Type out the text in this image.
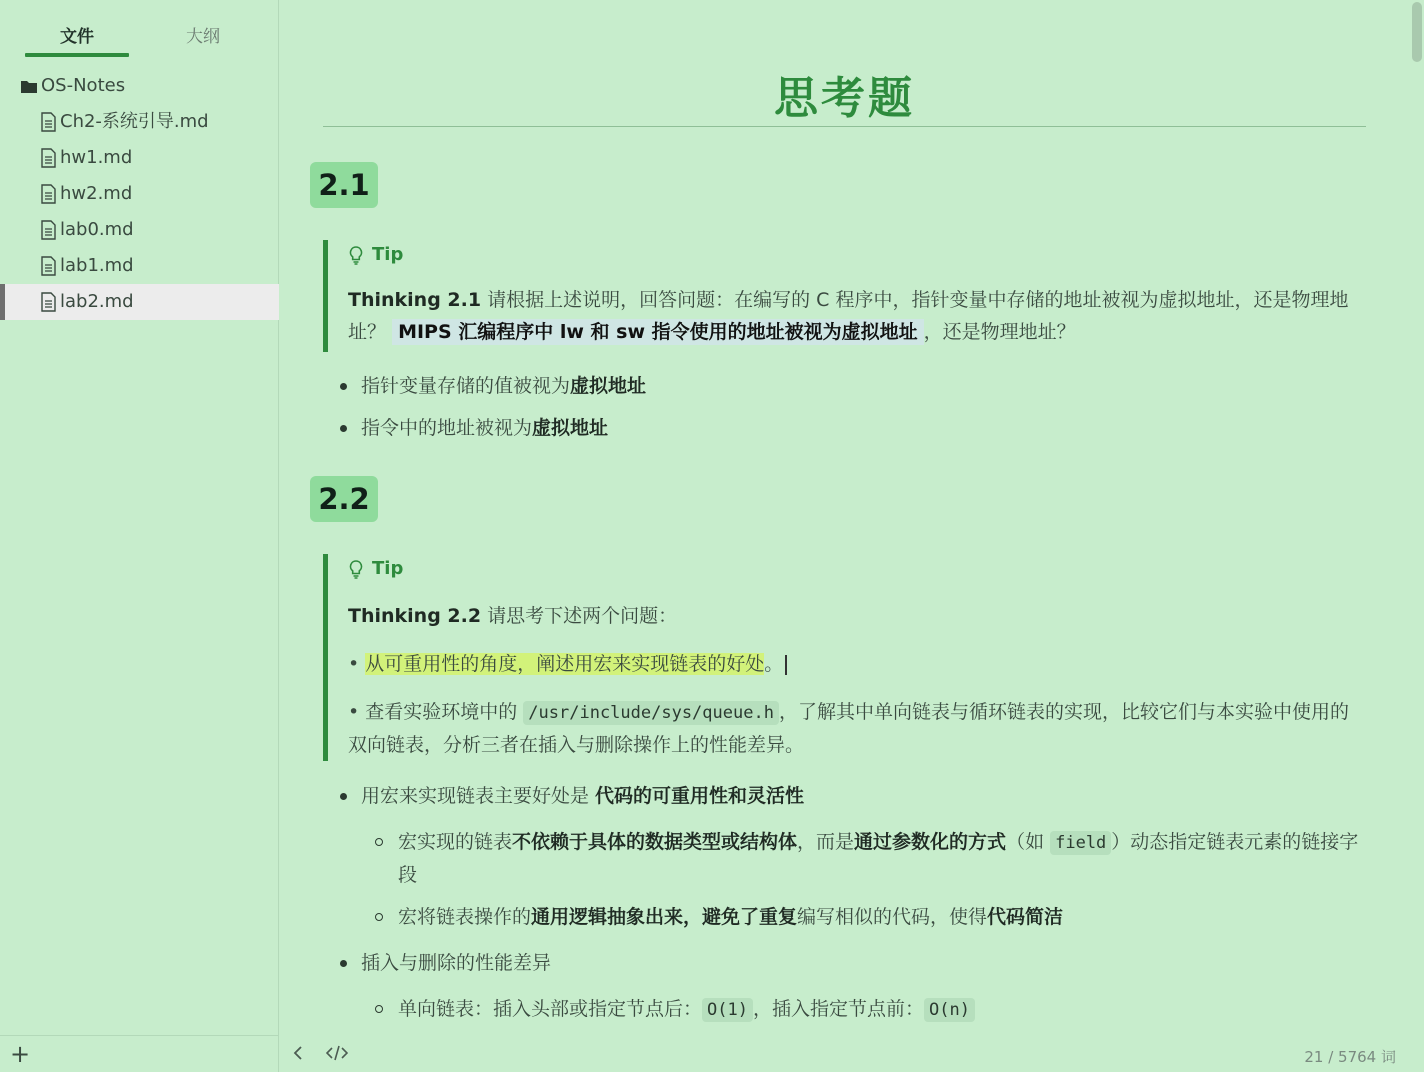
文件	大纲
OS-Notes
Ch2-系统引导.md
hw1.md
hw2.md
lab0.md
lab1.md
lab2.md
+
思考题
2.1
Tip

Thinking 2.1 请根据上述说明，回答问题：在编写的 C 程序中，指针变量中存储的地址被视为虚拟地址，还是物理地址？ MIPS 汇编程序中 lw 和 sw 指令使用的地址被视为虚拟地址 ，还是物理地址？

指针变量存储的值被视为虚拟地址
指令中的地址被视为虚拟地址
2.2
Tip

Thinking 2.2 请思考下述两个问题：

• 从可重用性的角度，阐述用宏来实现链表的好处。

• 查看实验环境中的 /usr/include/sys/queue.h ，了解其中单向链表与循环链表的实现，比较它们与本实验中使用的双向链表，分析三者在插入与删除操作上的性能差异。

用宏来实现链表主要好处是 代码的可重用性和灵活性
宏实现的链表不依赖于具体的数据类型或结构体，而是通过参数化的方式（如 field ）动态指定链表元素的链接字段
宏将链表操作的通用逻辑抽象出来，避免了重复编写相似的代码，使得代码简洁
插入与删除的性能差异
单向链表：插入头部或指定节点后： O(1) ，插入指定节点前： O(n)
21 / 5764 词
